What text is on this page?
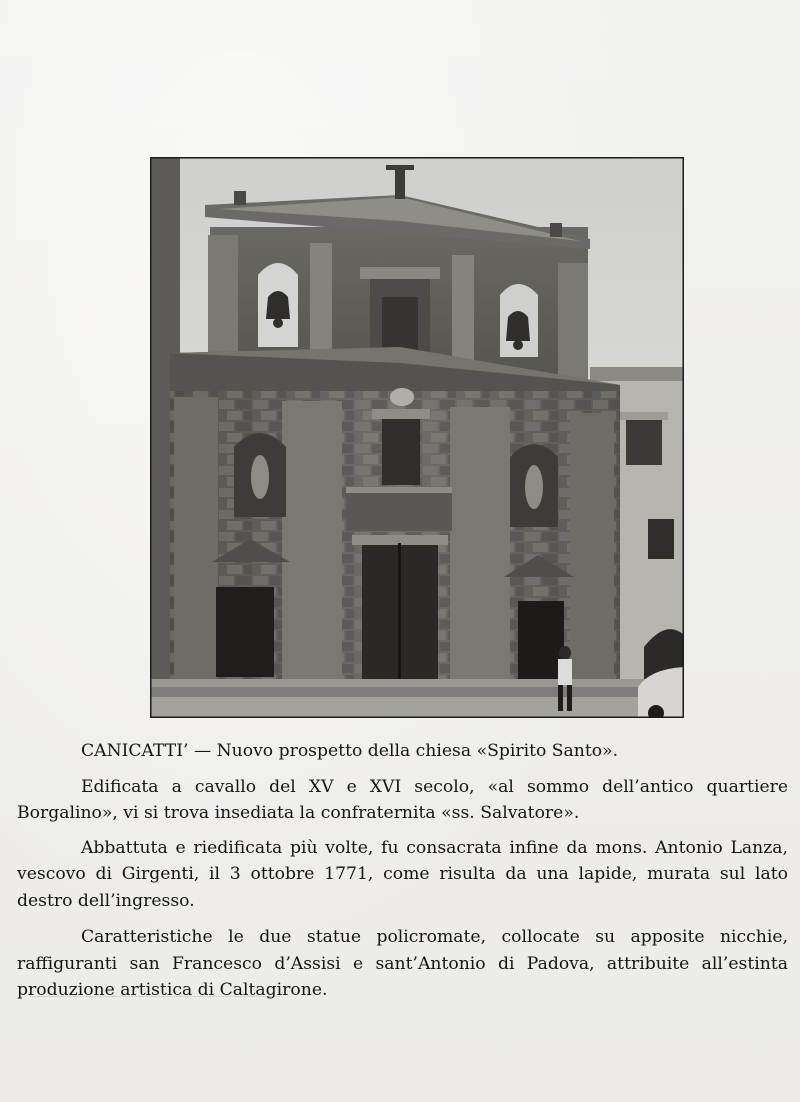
CANICATTI’ — Nuovo prospetto della chiesa «Spirito Santo».

Edificata a cavallo del XV e XVI secolo, «al sommo dell’antico quartiere Borgalino», vi si trova insediata la confraternita «ss. Salvatore».

Abbattuta e riedificata più volte, fu consacrata infine da mons. Antonio Lanza, vescovo di Girgenti, il 3 ottobre 1771, come risulta da una lapide, murata sul lato destro dell’ingresso.

Caratteristiche le due statue policromate, collocate su apposite nicchie, raffiguranti san Francesco d’Assisi e sant’Antonio di Padova, attribuite all’estinta produzione artistica di Caltagirone.
